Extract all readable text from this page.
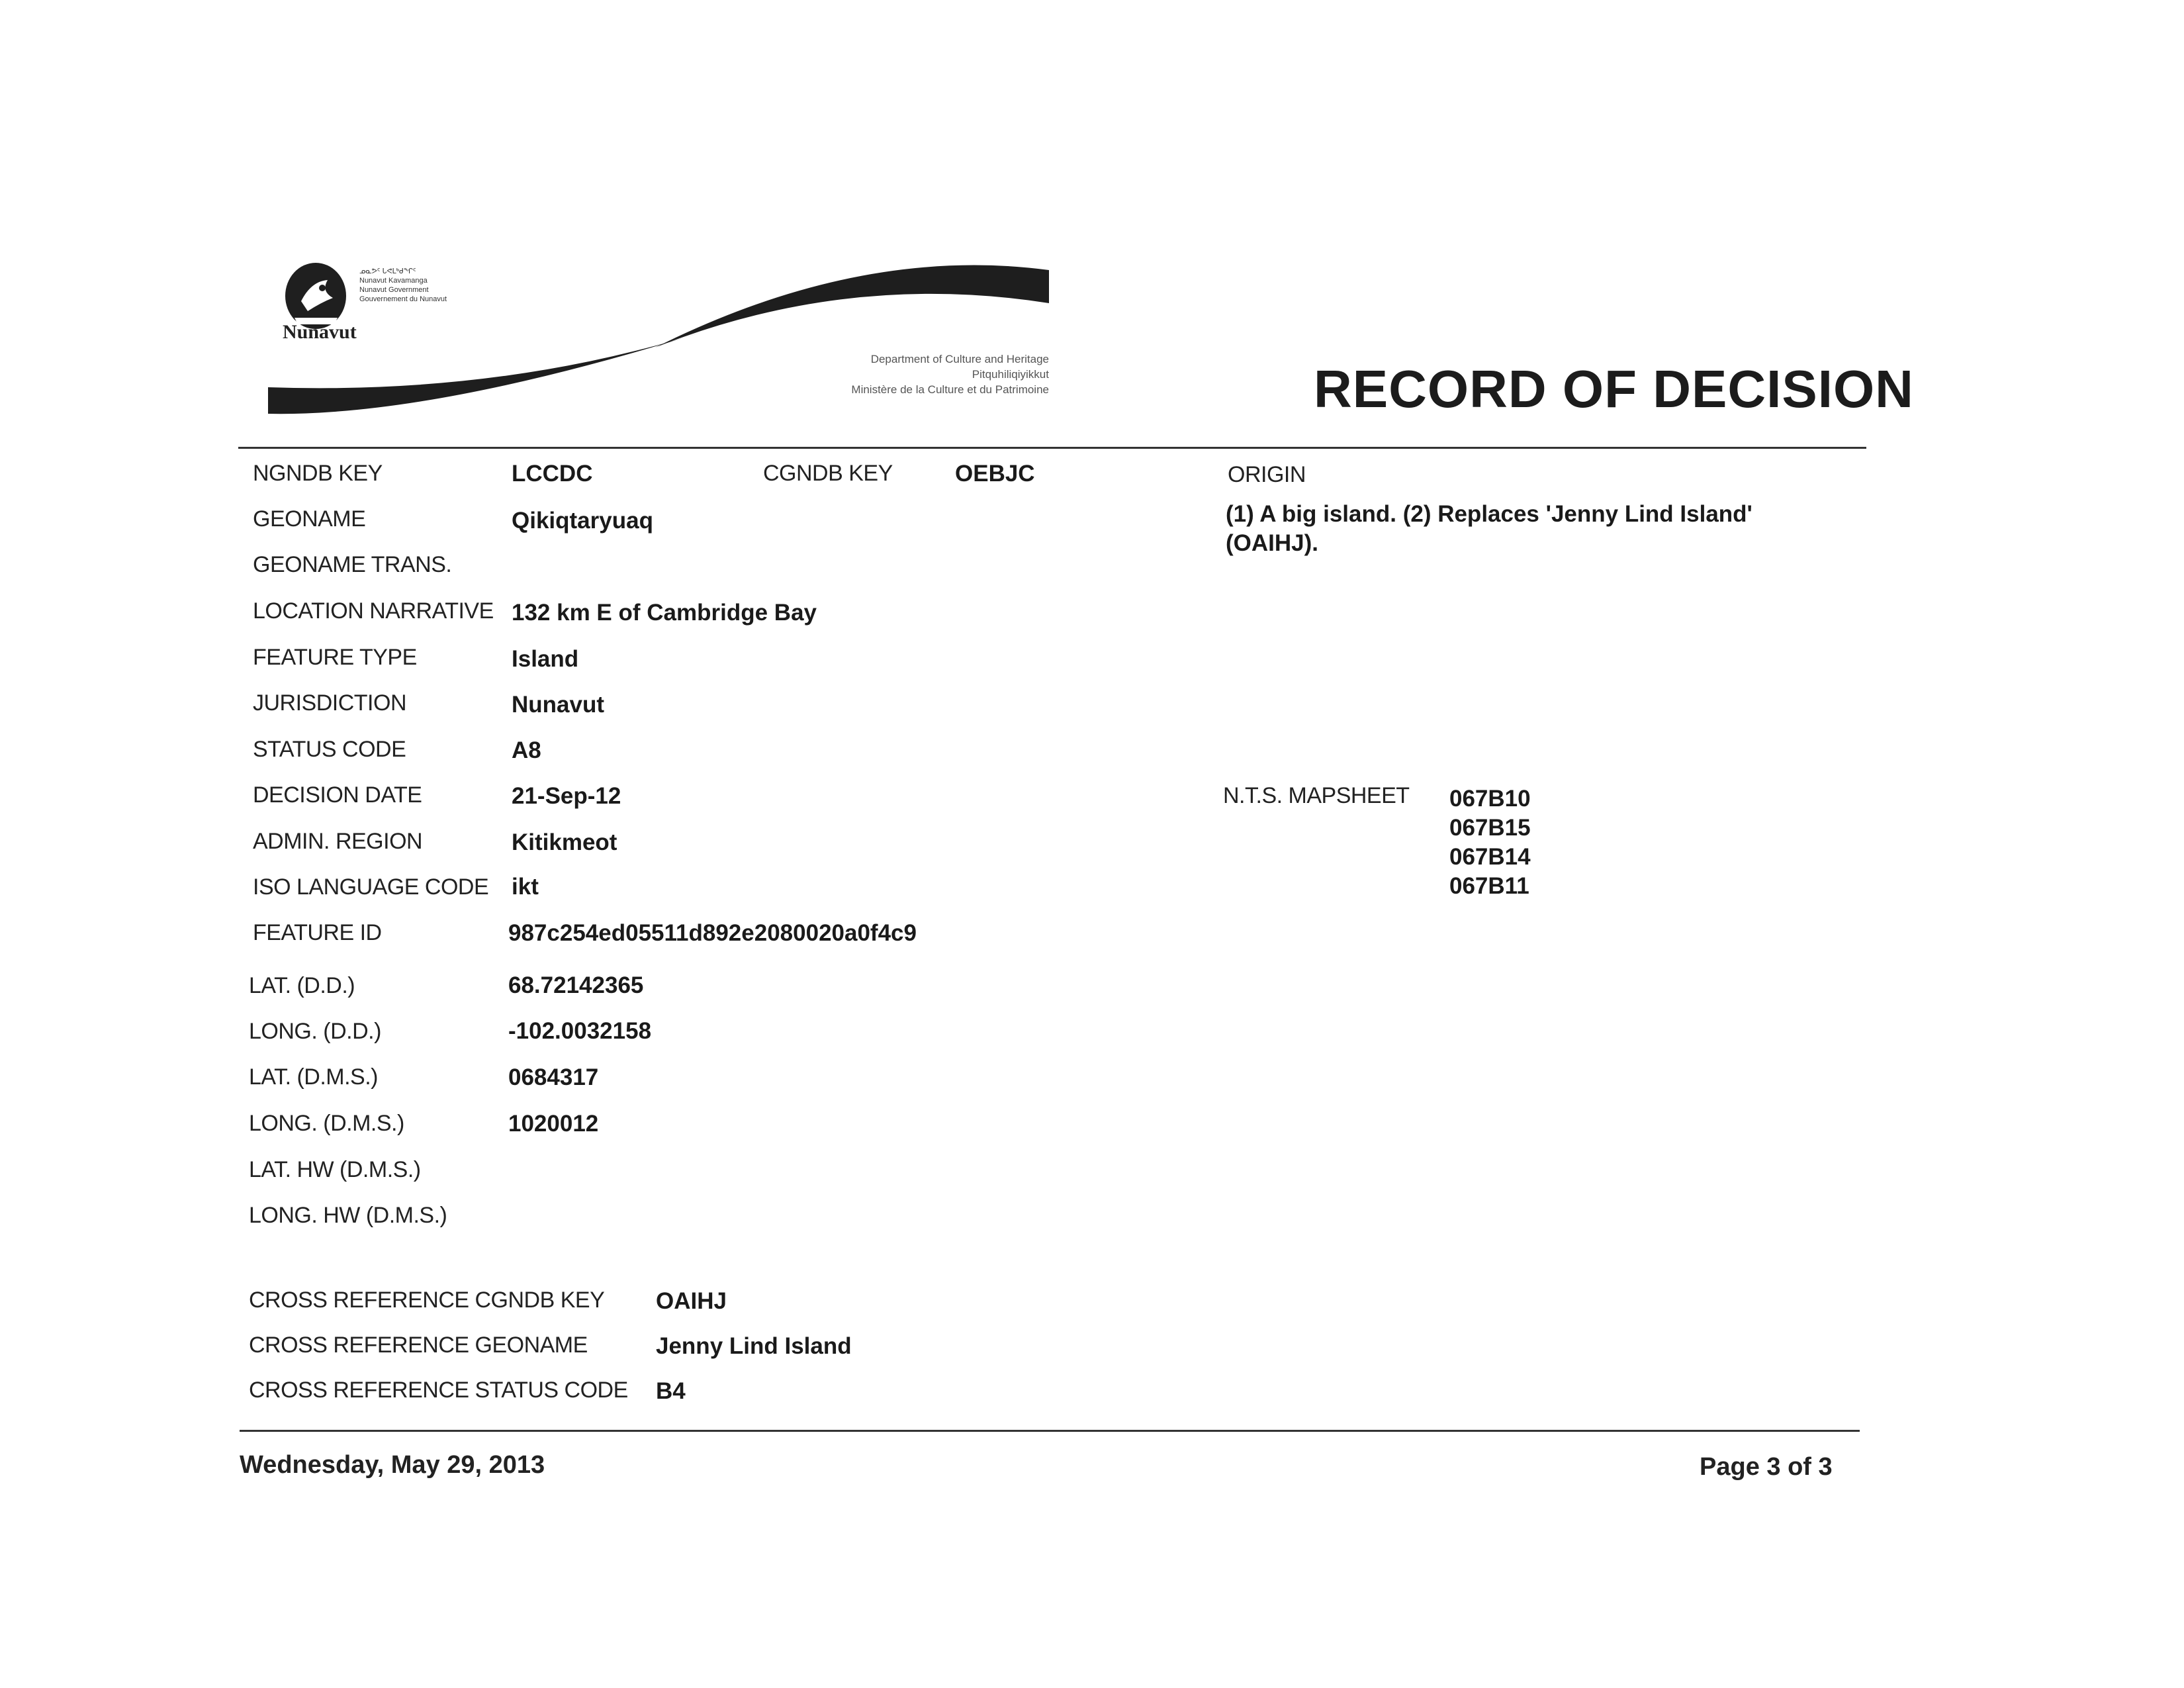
ᓄᓇᕗᑦ ᒐᕙᒪᒃᑯᖏᑦ
Nunavut Kavamanga
Nunavut Government
Gouvernement du Nunavut
Nunavut
Department of Culture and Heritage
Pitquhiliqiyikkut
Ministère de la Culture et du Patrimoine	RECORD OF DECISION
NGNDB KEY	LCCDC	CGNDB KEY	OEBJC
GEONAME	Qikiqtaryuaq
GEONAME TRANS.
LOCATION NARRATIVE 132 km E of Cambridge Bay
FEATURE TYPE	Island
JURISDICTION	Nunavut
STATUS CODE	A8
DECISION DATE	21-Sep-12
ADMIN. REGION	Kitikmeot
ISO LANGUAGE CODE ikt
FEATURE ID	987c254ed05511d892e2080020a0f4c9
LAT. (D.D.)	68.72142365
LONG. (D.D.)	-102.0032158
LAT. (D.M.S.)	0684317
LONG. (D.M.S.)	1020012
LAT. HW (D.M.S.)
LONG. HW (D.M.S.)
ORIGIN
(1) A big island. (2) Replaces 'Jenny Lind Island'
(OAIHJ).
N.T.S. MAPSHEET 067B10
067B15
067B14
067B11
CROSS REFERENCE CGNDB KEY OAIHJ
CROSS REFERENCE GEONAME	Jenny Lind Island
CROSS REFERENCE STATUS CODE B4
Wednesday, May 29, 2013	Page 3 of 3
